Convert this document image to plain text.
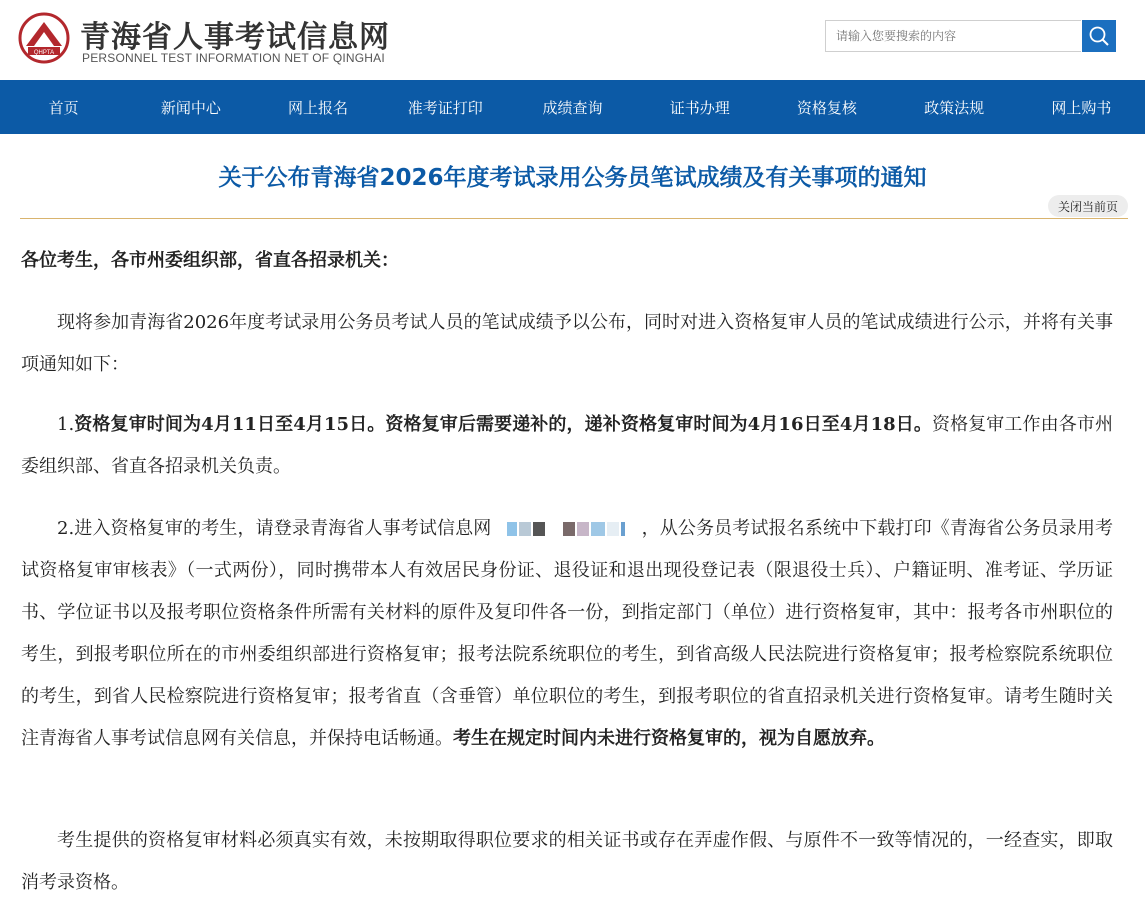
QHPTA 青海省人事考试信息网
PERSONNEL TEST INFORMATION NET OF QINGHAI
请输入您要搜索的内容
首页	新闻中心	网上报名	准考证打印	成绩查询	证书办理	资格复核	政策法规	网上购书
关于公布青海省2026年度考试录用公务员笔试成绩及有关事项的通知
关闭当前页
各位考生，各市州委组织部，省直各招录机关：

现将参加青海省2026年度考试录用公务员考试人员的笔试成绩予以公布，同时对进入资格复审人员的笔试成绩进行公示，并将有关事项通知如下：

1.资格复审时间为4月11日至4月15日。资格复审后需要递补的，递补资格复审时间为4月16日至4月18日。资格复审工作由各市州委组织部、省直各招录机关负责。

2.进入资格复审的考生，请登录青海省人事考试信息网	，从公务员考试报名系统中下载打印《青海省公务员录用考试资格复审审核表》（一式两份），同时携带本人有效居民身份证、退役证和退出现役登记表（限退役士兵）、户籍证明、准考证、学历证书、学位证书以及报考职位资格条件所需有关材料的原件及复印件各一份，到指定部门（单位）进行资格复审，其中：报考各市州职位的考生，到报考职位所在的市州委组织部进行资格复审；报考法院系统职位的考生，到省高级人民法院进行资格复审；报考检察院系统职位的考生，到省人民检察院进行资格复审；报考省直（含垂管）单位职位的考生，到报考职位的省直招录机关进行资格复审。请考生随时关注青海省人事考试信息网有关信息，并保持电话畅通。考生在规定时间内未进行资格复审的，视为自愿放弃。

考生提供的资格复审材料必须真实有效，未按期取得职位要求的相关证书或存在弄虚作假、与原件不一致等情况的，一经查实，即取消考录资格。
